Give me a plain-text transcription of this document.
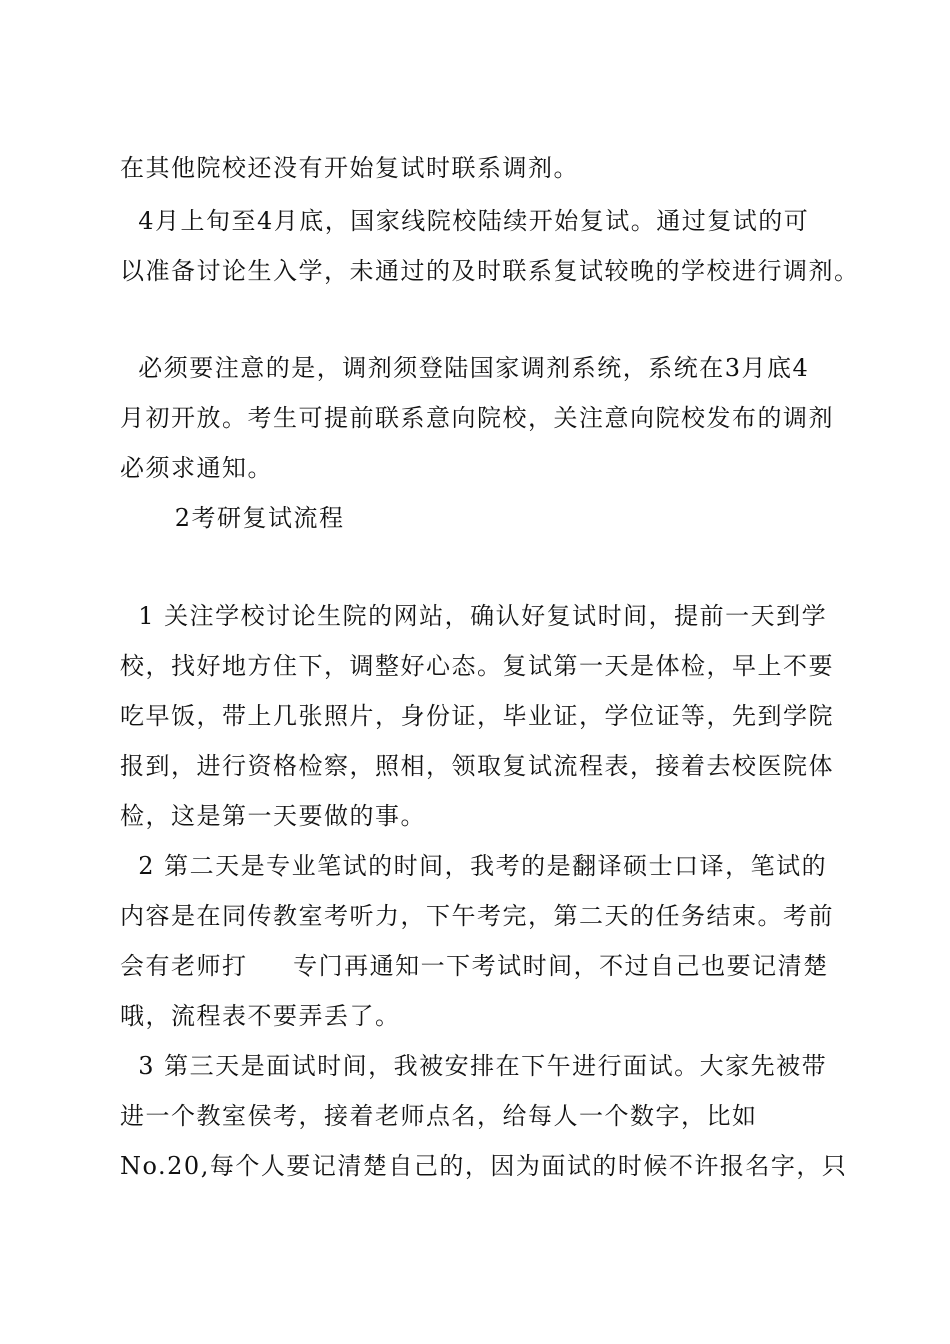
在其他院校还没有开始复试时联系调剂。
4月上旬至4月底，国家线院校陆续开始复试。通过复试的可
以准备讨论生入学，未通过的及时联系复试较晚的学校进行调剂。
必须要注意的是，调剂须登陆国家调剂系统，系统在3月底4
月初开放。考生可提前联系意向院校，关注意向院校发布的调剂
必须求通知。
2考研复试流程
1 关注学校讨论生院的网站，确认好复试时间，提前一天到学
校，找好地方住下，调整好心态。复试第一天是体检，早上不要
吃早饭，带上几张照片，身份证，毕业证，学位证等，先到学院
报到，进行资格检察，照相，领取复试流程表，接着去校医院体
检，这是第一天要做的事。
2 第二天是专业笔试的时间，我考的是翻译硕士口译，笔试的
内容是在同传教室考听力，下午考完，第二天的任务结束。考前
会有老师打     专门再通知一下考试时间，不过自己也要记清楚
哦，流程表不要弄丢了。
3 第三天是面试时间，我被安排在下午进行面试。大家先被带
进一个教室侯考，接着老师点名，给每人一个数字，比如
No.20,每个人要记清楚自己的，因为面试的时候不许报名字，只
